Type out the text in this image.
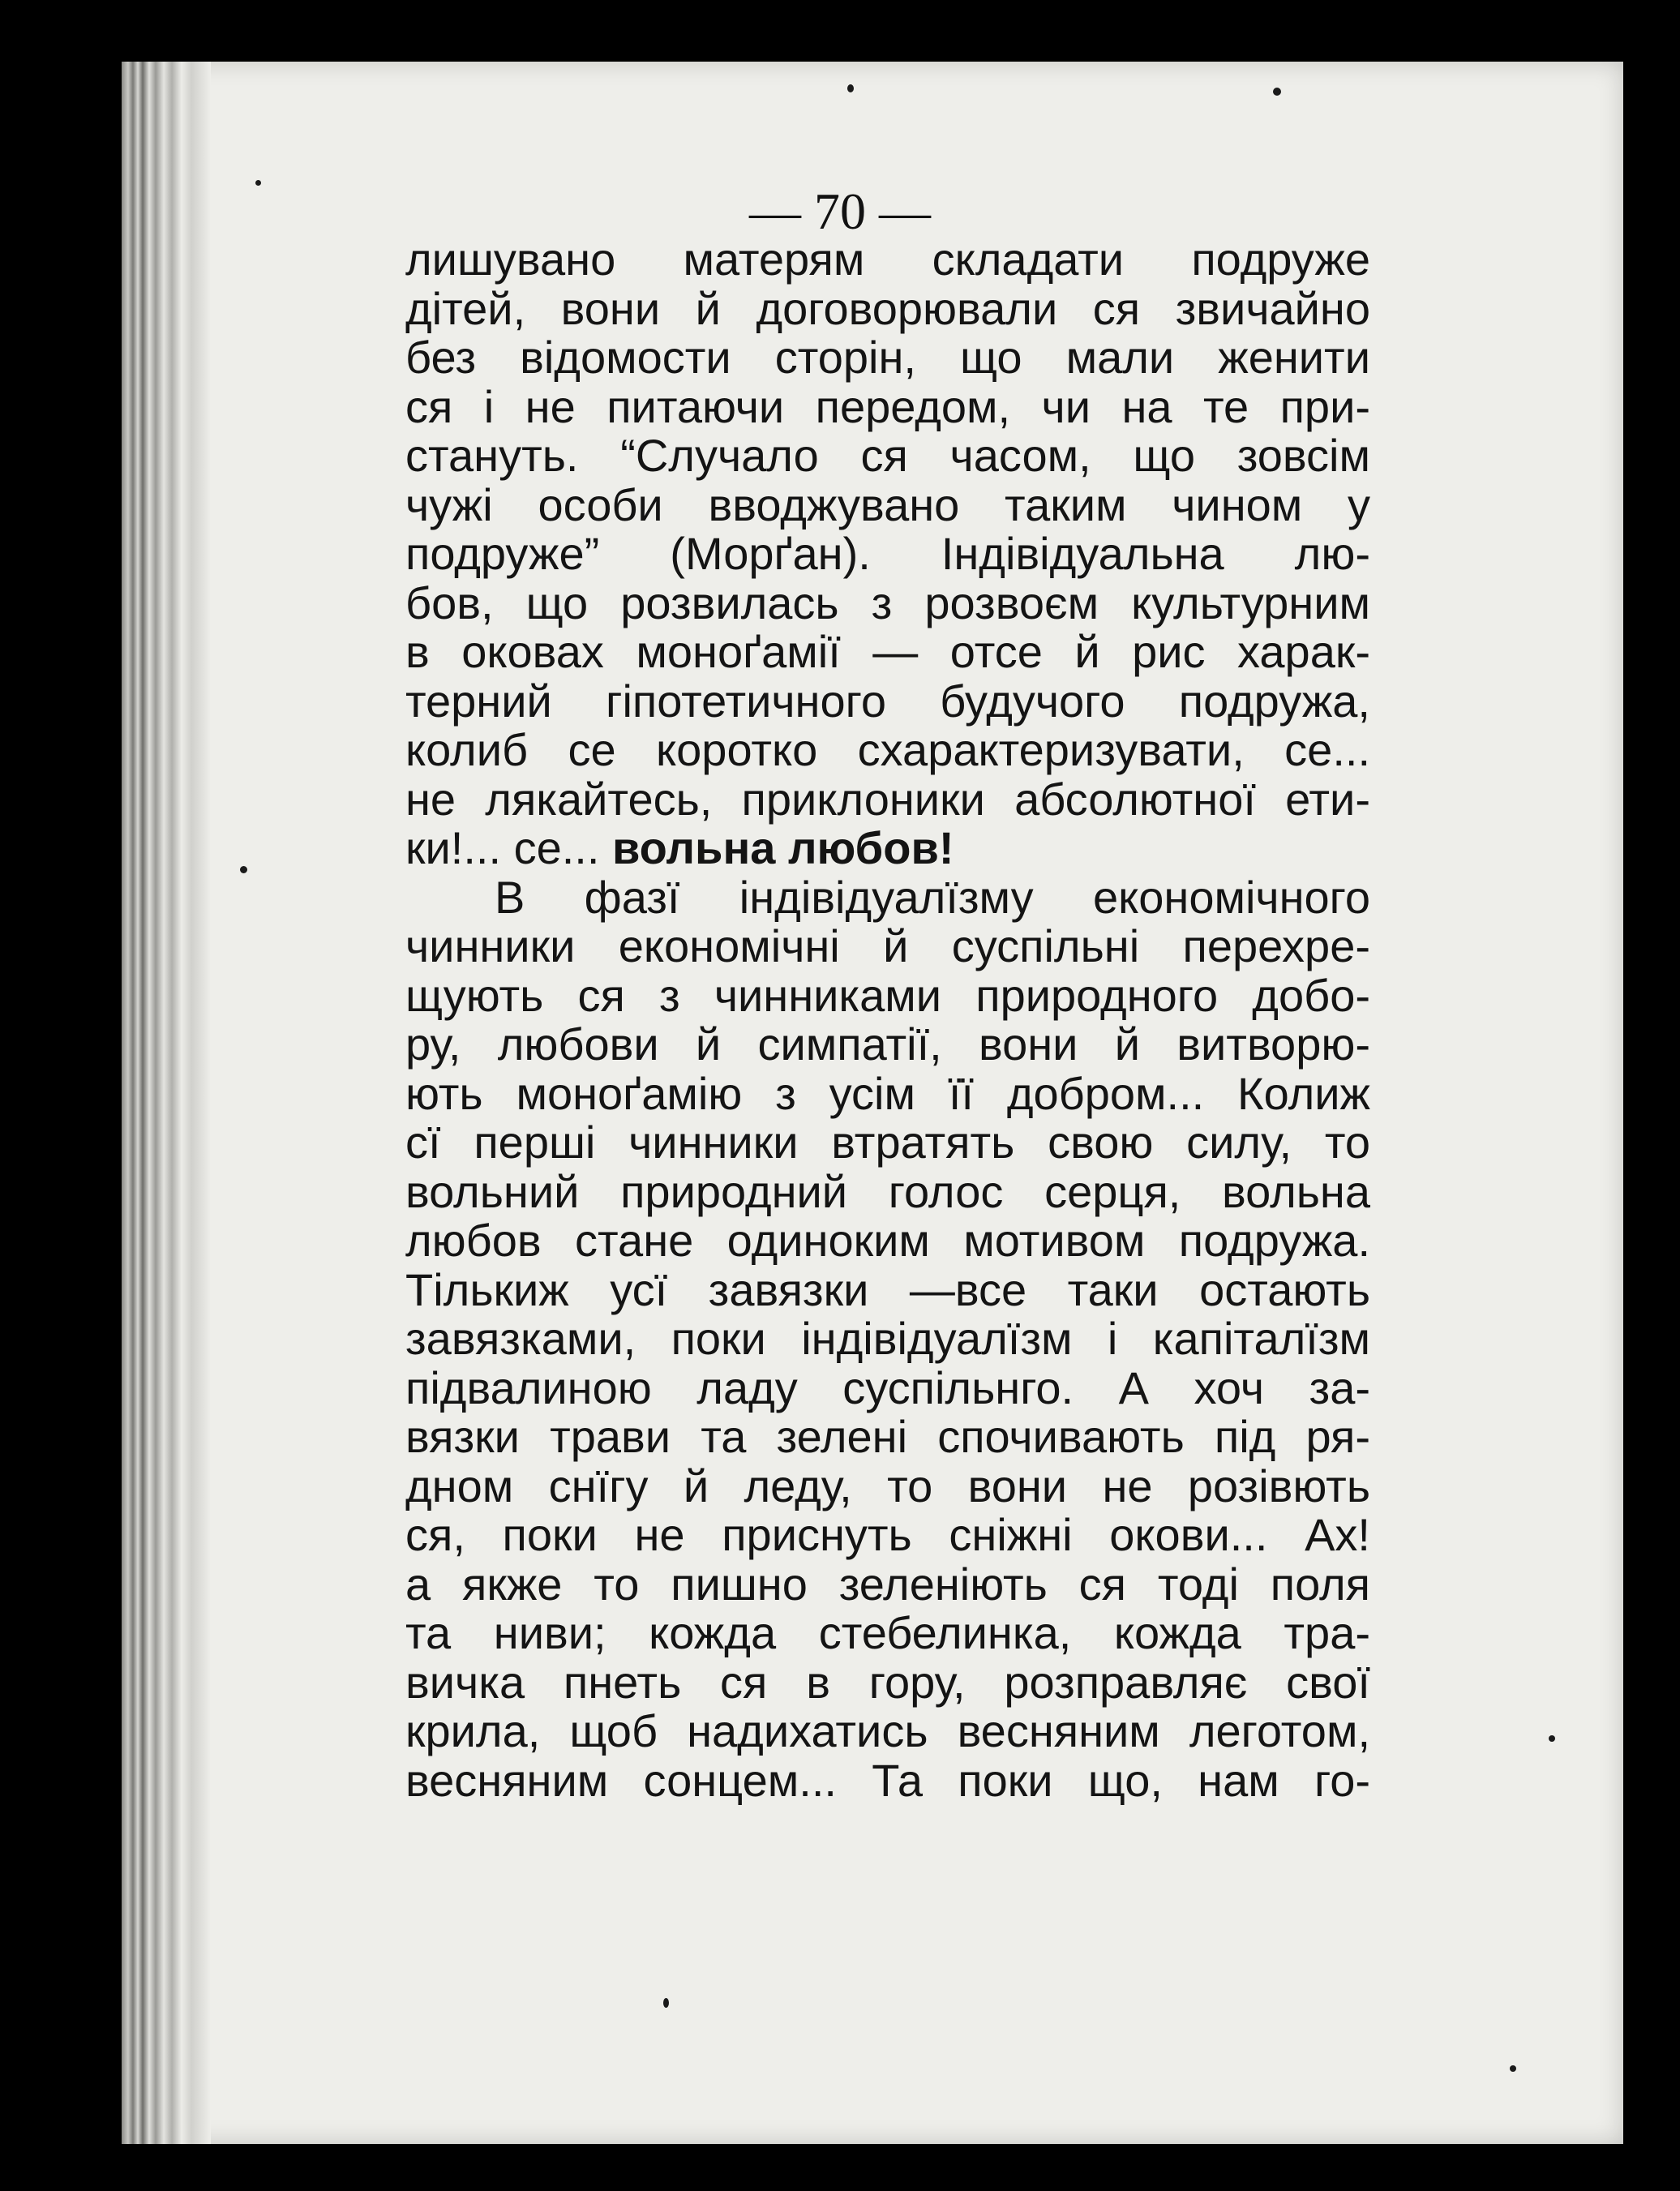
— 70 —
лишувано матерям складати подруже
дітей, вони й договорювали ся звичайно
без відомости сторін, що мали женити
ся і не питаючи передом, чи на те при-
стануть. “Случало ся часом, що зовсім
чужі особи вводжувано таким чином у
подруже” (Морґан). Індівідуальна лю-
бов, що розвилась з розвоєм культурним
в оковах моноґамії — отсе й рис харак-
терний гіпотетичного будучого подружа,
колиб се коротко схарактеризувати, се...
не лякайтесь, приклоники абсолютної ети-
ки!... се... вольна любов!
В фазї індівідуалїзму економічного
чинники економічні й суспільні перехре-
щують ся з чинниками природного добо-
ру, любови й симпатії, вони й витворю-
ють моноґамію з усім її добром... Колиж
сї перші чинники втратять свою силу, то
вольний природний голос серця, вольна
любов стане одиноким мотивом подружа.
Тількиж усї завязки —все таки остають
завязками, поки індівідуалїзм і капіталїзм
підвалиною ладу суспільнго. А хоч за-
вязки трави та зелені спочивають під ря-
дном снїгу й леду, то вони не розівють
ся, поки не приснуть сніжні окови... Ах!
а якже то пишно зеленіють ся тоді поля
та ниви; кожда стебелинка, кожда тра-
вичка пнеть ся в гору, розправляє свої
крила, щоб надихатись весняним леготом,
весняним сонцем... Та поки що, нам го-
